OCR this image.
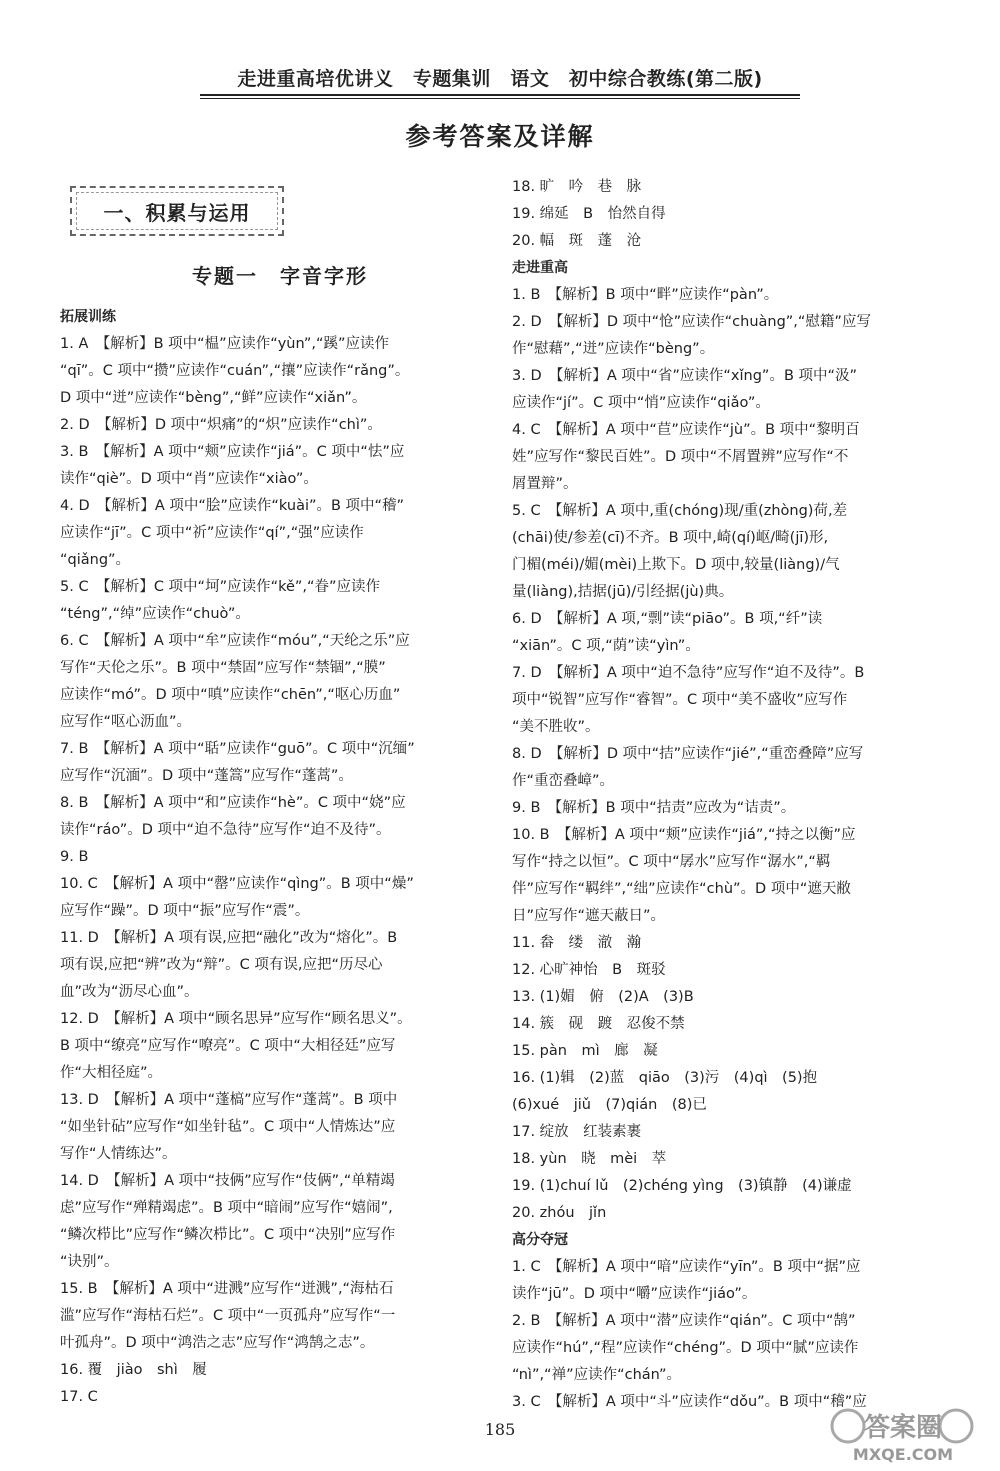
走进重高培优讲义　专题集训　语文　初中综合教练(第二版)
参考答案及详解
一、积累与运用
专题一　字音字形
拓展训练
1. A　【解析】B 项中“榅”应读作“yùn”,“蹊”应读作
“qī”。C 项中“攒”应读作“cuán”,“攘”应读作“rǎng”。
D 项中“迸”应读作“bèng”,“鲜”应读作“xiǎn”。
2. D　【解析】D 项中“炽痛”的“炽”应读作“chì”。
3. B　【解析】A 项中“颊”应读作“jiá”。C 项中“怯”应
读作“qiè”。D 项中“肖”应读作“xiào”。
4. D　【解析】A 项中“脍”应读作“kuài”。B 项中“稽”
应读作“jī”。C 项中“祈”应读作“qí”,“强”应读作
“qiǎng”。
5. C　【解析】C 项中“坷”应读作“kě”,“眷”应读作
“téng”,“绰”应读作“chuò”。
6. C　【解析】A 项中“牟”应读作“móu”,“天纶之乐”应
写作“天伦之乐”。B 项中“禁固”应写作“禁锢”,“膜”
应读作“mó”。D 项中“嗔”应读作“chēn”,“呕心历血”
应写作“呕心沥血”。
7. B　【解析】A 项中“聒”应读作“guō”。C 项中“沉缅”
应写作“沉湎”。D 项中“蓬篙”应写作“蓬蒿”。
8. B　【解析】A 项中“和”应读作“hè”。C 项中“娆”应
读作“ráo”。D 项中“迫不急待”应写作“迫不及待”。
9. B
10. C　【解析】A 项中“罄”应读作“qìng”。B 项中“燥”
应写作“躁”。D 项中“振”应写作“震”。
11. D　【解析】A 项有误,应把“融化”改为“熔化”。B
项有误,应把“辨”改为“辩”。C 项有误,应把“历尽心
血”改为“沥尽心血”。
12. D　【解析】A 项中“顾名思异”应写作“顾名思义”。
B 项中“缭亮”应写作“嘹亮”。C 项中“大相径廷”应写
作“大相径庭”。
13. D　【解析】A 项中“蓬槁”应写作“蓬蒿”。B 项中
“如坐针砧”应写作“如坐针毡”。C 项中“人情炼达”应
写作“人情练达”。
14. D　【解析】A 项中“技俩”应写作“伎俩”,“单精竭
虑”应写作“殚精竭虑”。B 项中“暗闹”应写作“嬉闹”,
“鳞次栉比”应写作“鳞次栉比”。C 项中“决别”应写作
“诀别”。
15. B　【解析】A 项中“进溅”应写作“迸溅”,“海枯石
滥”应写作“海枯石烂”。C 项中“一页孤舟”应写作“一
叶孤舟”。D 项中“鸿浩之志”应写作“鸿鹄之志”。
16. 覆　jiào　shì　履
17. C
18. 旷　吟　巷　脉
19. 绵延　B　怡然自得
20. 幅　斑　蓬　沧
走进重高
1. B　【解析】B 项中“畔”应读作“pàn”。
2. D　【解析】D 项中“怆”应读作“chuàng”,“慰籍”应写
作“慰藉”,“迸”应读作“bèng”。
3. D　【解析】A 项中“省”应读作“xǐng”。B 项中“汲”
应读作“jí”。C 项中“悄”应读作“qiǎo”。
4. C　【解析】A 项中“苣”应读作“jù”。B 项中“黎明百
姓”应写作“黎民百姓”。D 项中“不屑置辨”应写作“不
屑置辩”。
5. C　【解析】A 项中,重(chóng)现/重(zhòng)荷,差
(chāi)使/参差(cī)不齐。B 项中,崎(qí)岖/畸(jī)形,
门楣(méi)/媚(mèi)上欺下。D 项中,较量(liàng)/气
量(liàng),拮据(jū)/引经据(jù)典。
6. D　【解析】A 项,“剽”读“piāo”。B 项,“纤”读
“xiān”。C 项,“荫”读“yìn”。
7. D　【解析】A 项中“迫不急待”应写作“迫不及待”。B
项中“锐智”应写作“睿智”。C 项中“美不盛收”应写作
“美不胜收”。
8. D　【解析】D 项中“拮”应读作“jié”,“重峦叠障”应写
作“重峦叠嶂”。
9. B　【解析】B 项中“拮责”应改为“诘责”。
10. B　【解析】A 项中“颊”应读作“jiá”,“持之以衡”应
写作“持之以恒”。C 项中“孱水”应写作“潺水”,“羁
伴”应写作“羁绊”,“绌”应读作“chù”。D 项中“遮天敝
日”应写作“遮天蔽日”。
11. 畚　缕　澈　瀚
12. 心旷神怡　B　斑驳
13. (1)媚　俯　(2)A　(3)B
14. 簇　砚　踱　忍俊不禁
15. pàn　mì　廊　凝
16. (1)辑　(2)蓝　qiāo　(3)污　(4)qì　(5)抱
(6)xué　jiǔ　(7)qián　(8)已
17. 绽放　红装素裹
18. yùn　晓　mèi　萃
19. (1)chuí lǔ　(2)chéng yìng　(3)镇静　(4)谦虚
20. zhóu　jǐn
高分夺冠
1. C　【解析】A 项中“喑”应读作“yīn”。B 项中“据”应
读作“jū”。D 项中“嚼”应读作“jiáo”。
2. B　【解析】A 项中“潜”应读作“qián”。C 项中“鹄”
应读作“hú”,“程”应读作“chéng”。D 项中“腻”应读作
“nì”,“禅”应读作“chán”。
3. C　【解析】A 项中“斗”应读作“dǒu”。B 项中“稽”应
185	答案圈
MXQE.COM
